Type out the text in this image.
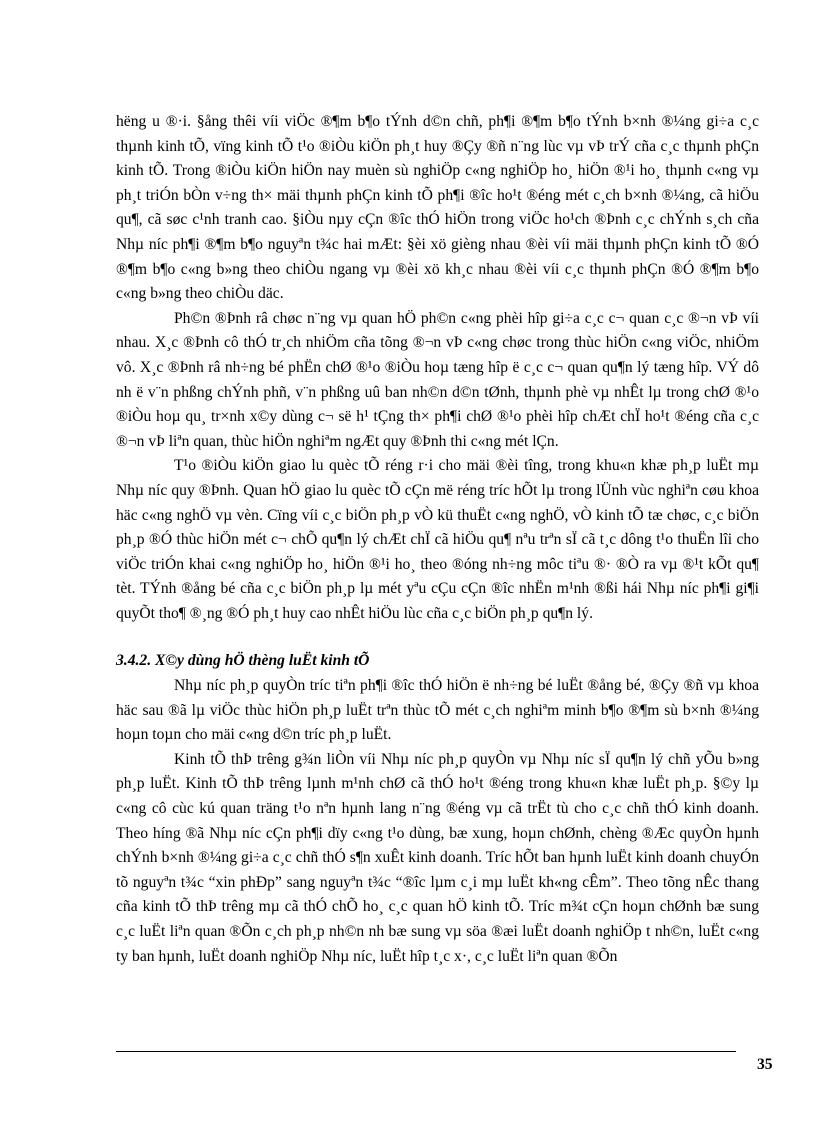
hëng u ®·i. §ång thêi víi viÖc ®¶m b¶o tÝnh d©n chñ, ph¶i ®¶m b¶o tÝnh b×nh ®¼ng gi÷a c¸c thµnh kinh tÕ, vïng kinh tÕ t¹o ®iÒu kiÖn ph¸t huy ®Çy ®ñ n¨ng lùc vµ vÞ trÝ cña c¸c thµnh phÇn kinh tÕ. Trong ®iÒu kiÖn hiÖn nay muèn sù nghiÖp c«ng nghiÖp ho¸ hiÖn ®¹i ho¸ thµnh c«ng vµ ph¸t triÓn bÒn v÷ng th× mäi thµnh phÇn kinh tÕ ph¶i ®îc ho¹t ®éng mét c¸ch b×nh ®¼ng, cã hiÖu qu¶, cã søc c¹nh tranh cao. §iÒu nµy cÇn ®îc thÓ hiÖn trong viÖc ho¹ch ®Þnh c¸c chÝnh s¸ch cña Nhµ níc ph¶i ®¶m b¶o nguyªn t¾c hai mÆt: §èi xö gièng nhau ®èi víi mäi thµnh phÇn kinh tÕ ®Ó ®¶m b¶o c«ng b»ng theo chiÒu ngang vµ ®èi xö kh¸c nhau ®èi víi c¸c thµnh phÇn ®Ó ®¶m b¶o c«ng b»ng theo chiÒu däc.

Ph©n ®Þnh râ chøc n¨ng vµ quan hÖ ph©n c«ng phèi hîp gi÷a c¸c c¬ quan c¸c ®¬n vÞ víi nhau. X¸c ®Þnh cô thÓ tr¸ch nhiÖm cña tõng ®¬n vÞ c«ng chøc trong thùc hiÖn c«ng viÖc, nhiÖm vô. X¸c ®Þnh râ nh÷ng bé phËn chØ ®¹o ®iÒu hoµ tæng hîp ë c¸c c¬ quan qu¶n lý tæng hîp. VÝ dô nh ë v¨n phßng chÝnh phñ, v¨n phßng uû ban nh©n d©n tØnh, thµnh phè vµ nhÊt lµ trong chØ ®¹o ®iÒu hoµ qu¸ tr×nh x©y dùng c¬ së h¹ tÇng th× ph¶i chØ ®¹o phèi hîp chÆt chÏ ho¹t ®éng cña c¸c ®¬n vÞ liªn quan, thùc hiÖn nghiªm ngÆt quy ®Þnh thi c«ng mét lÇn.

T¹o ®iÒu kiÖn giao lu quèc tÕ réng r·i cho mäi ®èi tîng, trong khu«n khæ ph¸p luËt mµ Nhµ níc quy ®Þnh. Quan hÖ giao lu quèc tÕ cÇn më réng tríc hÕt lµ trong lÜnh vùc nghiªn cøu khoa häc c«ng nghÖ vµ vèn. Cïng víi c¸c biÖn ph¸p vÒ kü thuËt c«ng nghÖ, vÒ kinh tÕ tæ chøc, c¸c biÖn ph¸p ®Ó thùc hiÖn mét c¬ chÕ qu¶n lý chÆt chÏ cã hiÖu qu¶ nªu trªn sÏ cã t¸c dông t¹o thuËn lîi cho viÖc triÓn khai c«ng nghiÖp ho¸ hiÖn ®¹i ho¸ theo ®óng nh÷ng môc tiªu ®· ®Ò ra vµ ®¹t kÕt qu¶ tèt. TÝnh ®ång bé cña c¸c biÖn ph¸p lµ mét yªu cÇu cÇn ®îc nhËn m¹nh ®ßi hái Nhµ níc ph¶i gi¶i quyÕt tho¶ ®¸ng ®Ó ph¸t huy cao nhÊt hiÖu lùc cña c¸c biÖn ph¸p qu¶n lý.

3.4.2. X©y dùng hÖ thèng luËt kinh tÕ

Nhµ níc ph¸p quyÒn tríc tiªn ph¶i ®îc thÓ hiÖn ë nh÷ng bé luËt ®ång bé, ®Çy ®ñ vµ khoa häc sau ®ã lµ viÖc thùc hiÖn ph¸p luËt trªn thùc tÕ mét c¸ch nghiªm minh b¶o ®¶m sù b×nh ®¼ng hoµn toµn cho mäi c«ng d©n tríc ph¸p luËt.

Kinh tÕ thÞ trêng g¾n liÒn víi Nhµ níc ph¸p quyÒn vµ Nhµ níc sÏ qu¶n lý chñ yÕu b»ng ph¸p luËt. Kinh tÕ thÞ trêng lµnh m¹nh chØ cã thÓ ho¹t ®éng trong khu«n khæ luËt ph¸p. §©y lµ c«ng cô cùc kú quan träng t¹o nªn hµnh lang n¨ng ®éng vµ cã trËt tù cho c¸c chñ thÓ kinh doanh. Theo híng ®ã Nhµ níc cÇn ph¶i dïy c«ng t¹o dùng, bæ xung, hoµn chØnh, chèng ®Æc quyÒn hµnh chÝnh b×nh ®¼ng gi÷a c¸c chñ thÓ s¶n xuÊt kinh doanh. Tríc hÕt ban hµnh luËt kinh doanh chuyÓn tõ nguyªn t¾c “xin phÐp” sang nguyªn t¾c “®îc lµm c¸i mµ luËt kh«ng cÊm”. Theo tõng nÊc thang cña kinh tÕ thÞ trêng mµ cã thÓ chÕ ho¸ c¸c quan hÖ kinh tÕ. Tríc m¾t cÇn hoµn chØnh bæ sung c¸c luËt liªn quan ®Õn c¸ch ph¸p nh©n nh bæ sung vµ söa ®æi luËt doanh nghiÖp t nh©n, luËt c«ng ty ban hµnh, luËt doanh nghiÖp Nhµ níc, luËt hîp t¸c x·, c¸c luËt liªn quan ®Õn

35
